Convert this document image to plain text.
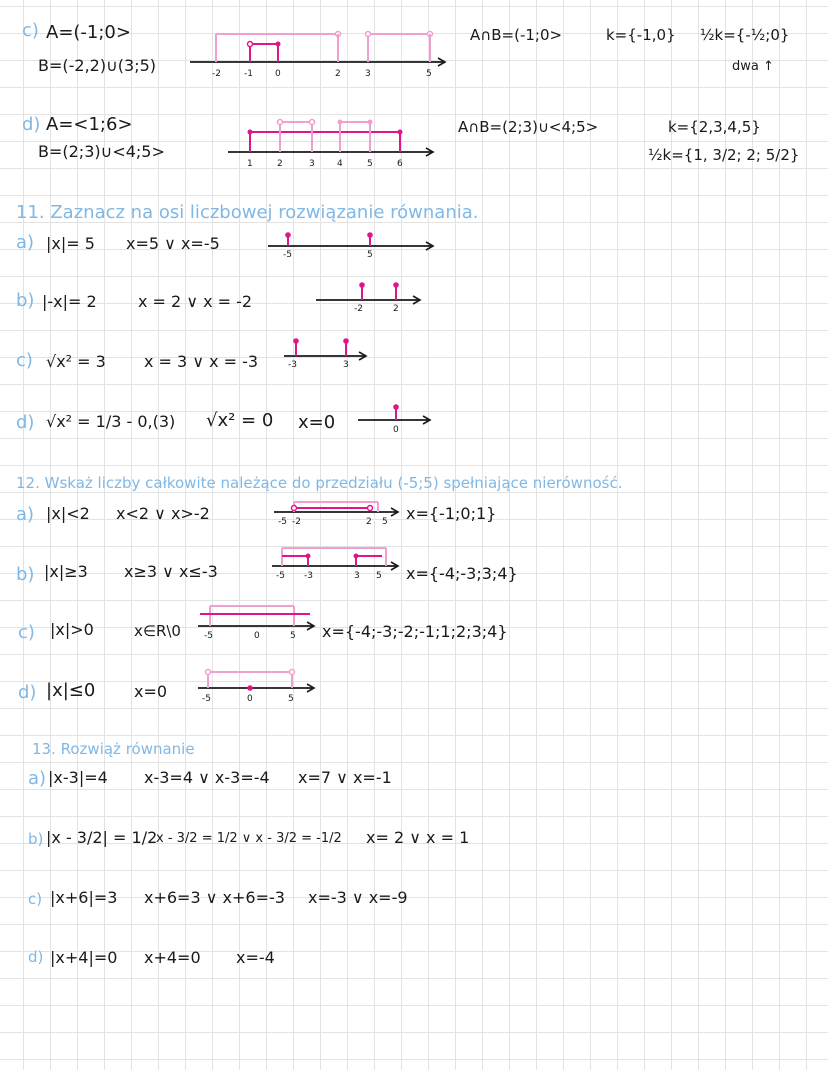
c) A=(-1;0>
B=(-2,2)∪(3;5)	-2	-1 0	2	3	5
A∩B=(-1;0>	k={-1,0} ½k={-½;0}
dwa ↑
d) A=<1;6>
B=(2;3)∪<4;5>
1	2	3 4	5	6
A∩B=(2;3)∪<4;5>	k={2,3,4,5}
½k={1, 3/2; 2; 5/2}
11. Zaznacz na osi liczbowej rozwiązanie równania.
a) |x|= 5 x=5 ∨ x=-5
-5	5
b) |-x|= 2	x = 2 ∨ x = -2	-2	2
c) √x² = 3 x = 3 ∨ x = -3	-3	3
d) √x² = 1/3 - 0,(3) √x² = 0 x=0	0
12. Wskaż liczby całkowite należące do przedziału (-5;5) spełniające nierówność.
a) |x|<2 x<2 ∨ x>-2	-5 -2	2 5 x={-1;0;1}
b) |x|≥3 x≥3 ∨ x≤-3	-5 -3	3 5 x={-4;-3;3;4}
c) |x|>0	x∈R\0	-5	0	5 x={-4;-3;-2;-1;1;2;3;4}
d) |x|≤0 x=0	-5	0	5
13. Rozwiąż równanie
a) |x-3|=4 x-3=4 ∨ x-3=-4 x=7 ∨ x=-1
b) |x - 3/2| = 1/2
x - 3/2 = 1/2 ∨ x - 3/2 = -1/2 x= 2 ∨ x = 1
c) |x+6|=3 x+6=3 ∨ x+6=-3 x=-3 ∨ x=-9
d) |x+4|=0 x+4=0 x=-4
